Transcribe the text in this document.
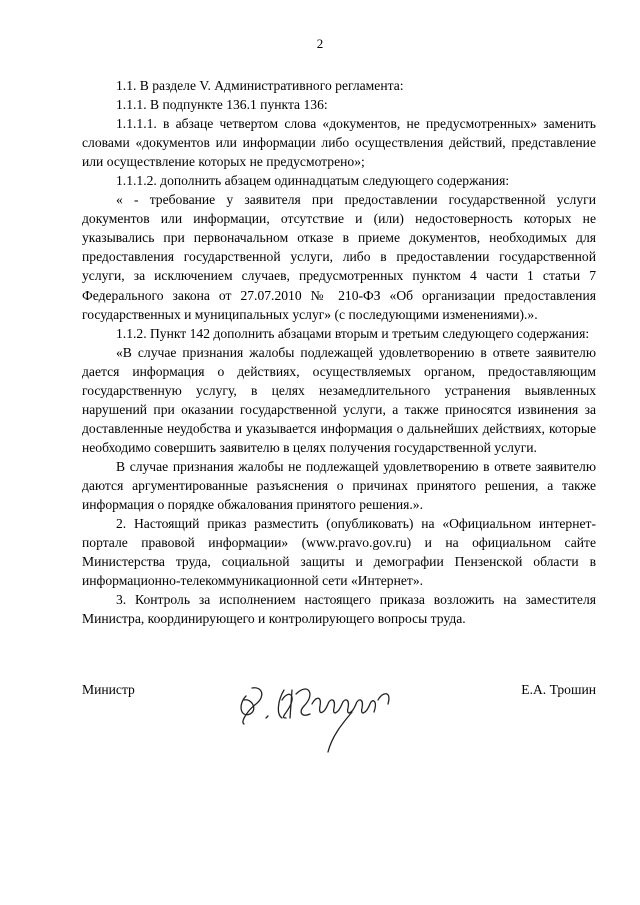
2

1.1. В разделе V. Административного регламента:

1.1.1. В подпункте 136.1 пункта 136:

1.1.1.1. в абзаце четвертом слова «документов, не предусмотренных» заменить словами «документов или информации либо осуществления действий, представление или осуществление которых не предусмотрено»;

1.1.1.2. дополнить абзацем одиннадцатым следующего содержания:

« - требование у заявителя при предоставлении государственной услуги документов или информации, отсутствие и (или) недостоверность которых не указывались при первоначальном отказе в приеме документов, необходимых для предоставления государственной услуги, либо в предоставлении государственной услуги, за исключением случаев, предусмотренных пунктом 4 части 1 статьи 7 Федерального закона от 27.07.2010 № 210-ФЗ «Об организации предоставления государственных и муниципальных услуг» (с последующими изменениями).».

1.1.2. Пункт 142 дополнить абзацами вторым и третьим следующего содержания:

«В случае признания жалобы подлежащей удовлетворению в ответе заявителю дается информация о действиях, осуществляемых органом, предоставляющим государственную услугу, в целях незамедлительного устранения выявленных нарушений при оказании государственной услуги, а также приносятся извинения за доставленные неудобства и указывается информация о дальнейших действиях, которые необходимо совершить заявителю в целях получения государственной услуги.

В случае признания жалобы не подлежащей удовлетворению в ответе заявителю даются аргументированные разъяснения о причинах принятого решения, а также информация о порядке обжалования принятого решения.».

2. Настоящий приказ разместить (опубликовать) на «Официальном интернет-портале правовой информации» (www.pravo.gov.ru) и на официальном сайте Министерства труда, социальной защиты и демографии Пензенской области в информационно-телекоммуникационной сети «Интернет».

3. Контроль за исполнением настоящего приказа возложить на заместителя Министра, координирующего и контролирующего вопросы труда.

Министр	Е.А. Трошин
